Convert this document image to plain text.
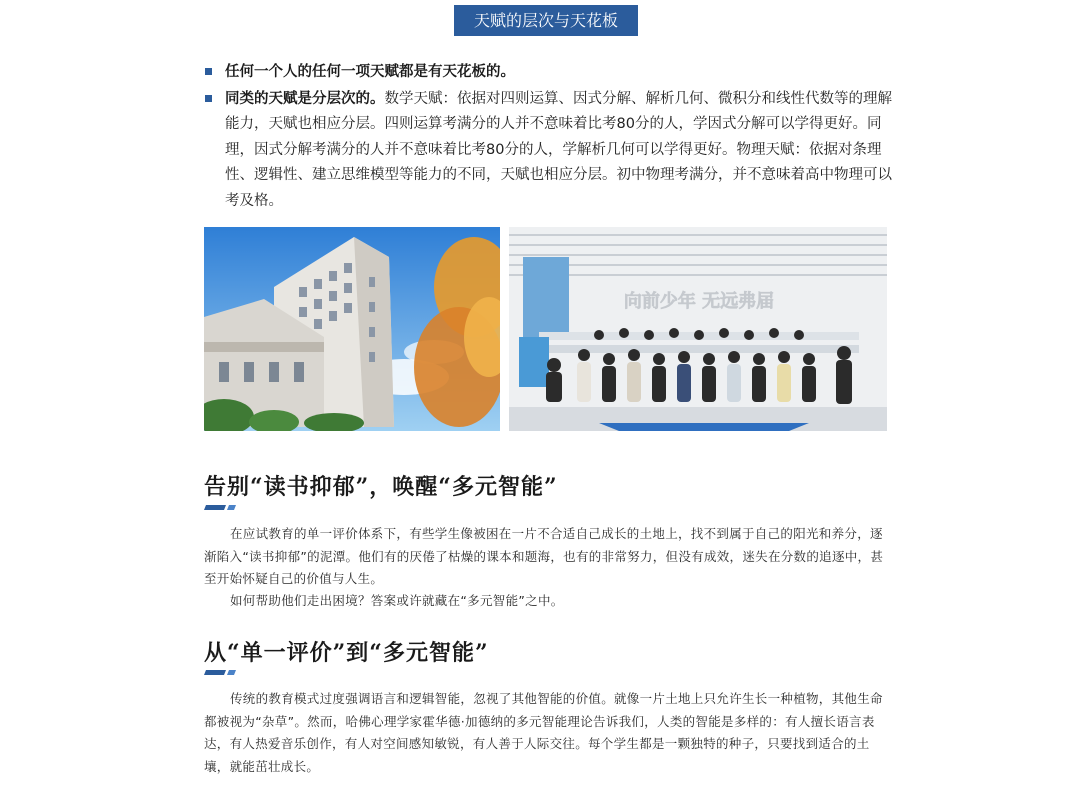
天赋的层次与天花板
任何一个人的任何一项天赋都是有天花板的。
同类的天赋是分层次的。数学天赋：依据对四则运算、因式分解、解析几何、微积分和线性代数等的理解能力，天赋也相应分层。四则运算考满分的人并不意味着比考80分的人，学因式分解可以学得更好。同理，因式分解考满分的人并不意味着比考80分的人，学解析几何可以学得更好。物理天赋：依据对条理性、逻辑性、建立思维模型等能力的不同，天赋也相应分层。初中物理考满分，并不意味着高中物理可以考及格。
向前少年 无远弗届
告别“读书抑郁”，唤醒“多元智能”
在应试教育的单一评价体系下，有些学生像被困在一片不合适自己成长的土地上，找不到属于自己的阳光和养分，逐渐陷入“读书抑郁”的泥潭。他们有的厌倦了枯燥的课本和题海，也有的非常努力，但没有成效，迷失在分数的追逐中，甚至开始怀疑自己的价值与人生。
如何帮助他们走出困境？答案或许就藏在“多元智能”之中。
从“单一评价”到“多元智能”
传统的教育模式过度强调语言和逻辑智能，忽视了其他智能的价值。就像一片土地上只允许生长一种植物，其他生命都被视为“杂草”。然而，哈佛心理学家霍华德·加德纳的多元智能理论告诉我们，人类的智能是多样的：有人擅长语言表达，有人热爱音乐创作，有人对空间感知敏锐，有人善于人际交往。每个学生都是一颗独特的种子，只要找到适合的土壤，就能茁壮成长。
